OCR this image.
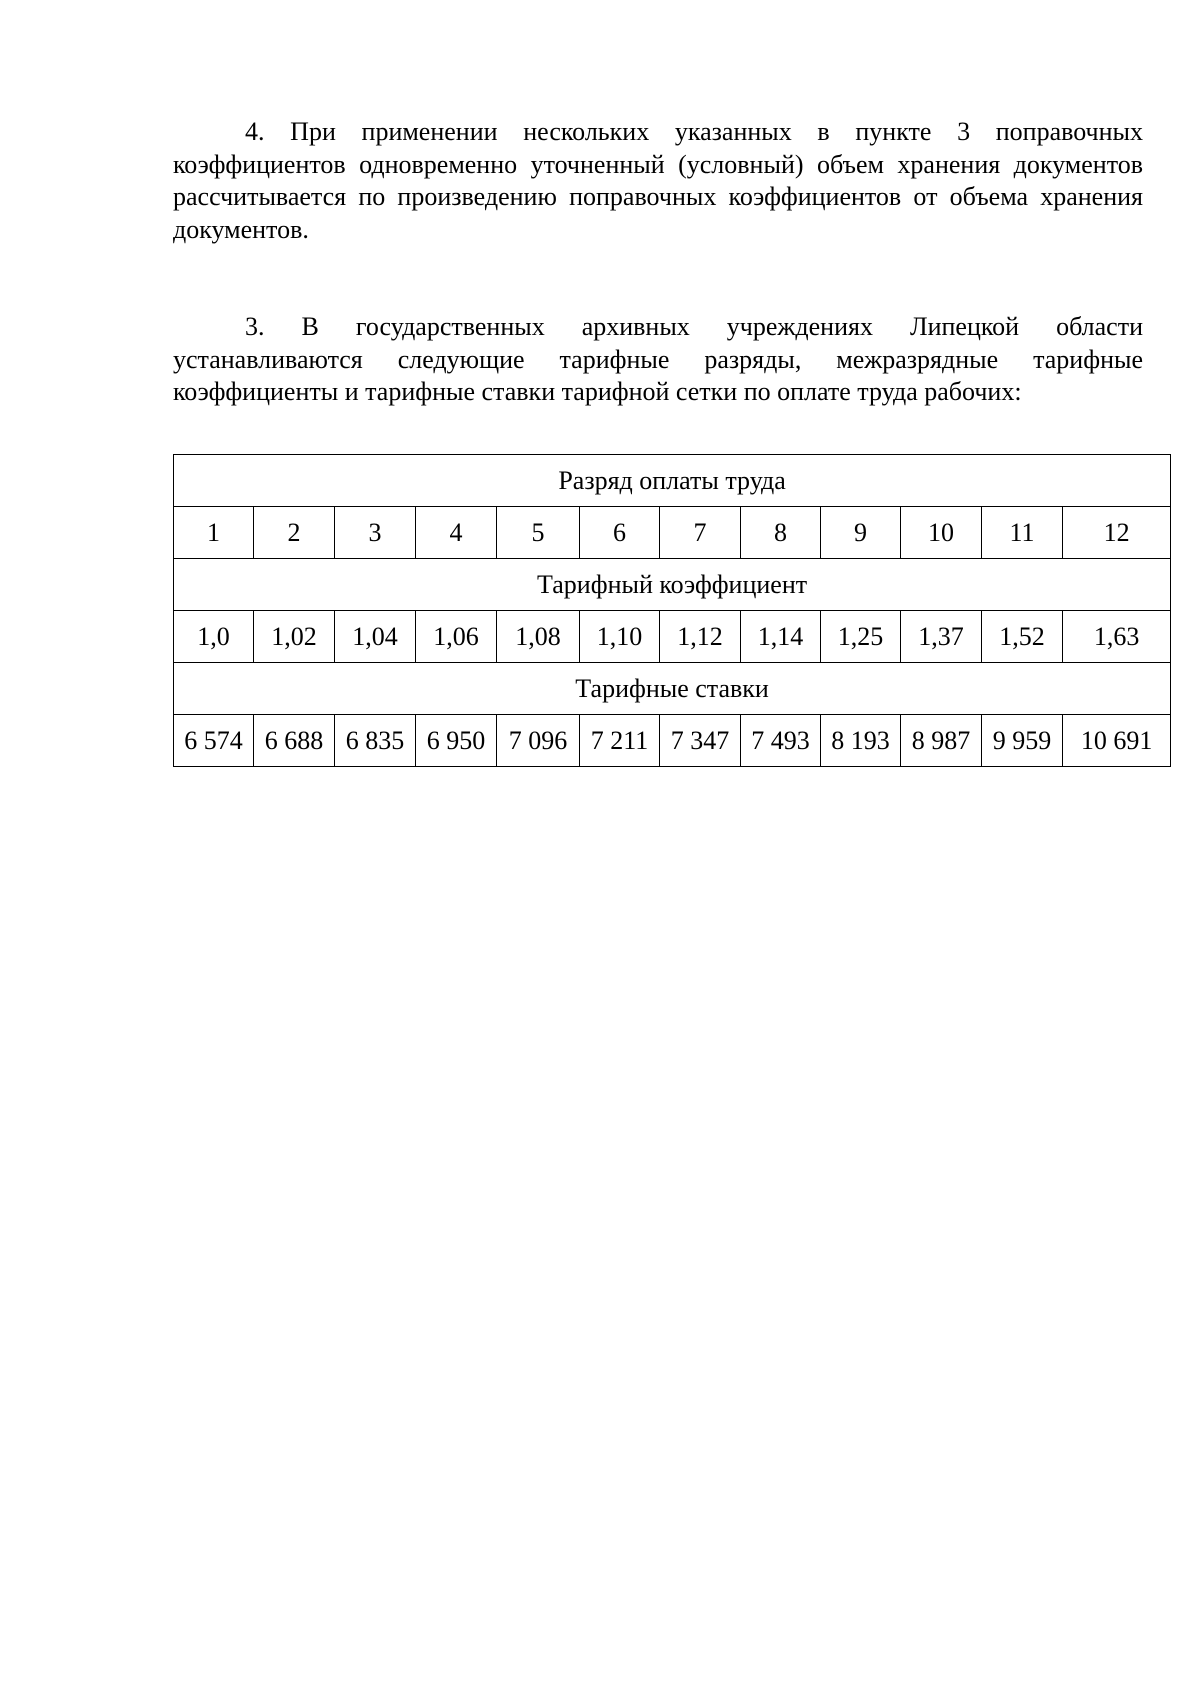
4. При применении нескольких указанных в пункте 3 поправочных коэффициентов одновременно уточненный (условный) объем хранения документов рассчитывается по произведению поправочных коэффициентов от объема хранения документов.

3. В государственных архивных учреждениях Липецкой области устанавливаются следующие тарифные разряды, межразрядные тарифные коэффициенты и тарифные ставки тарифной сетки по оплате труда рабочих:

Разряд оплаты труда											
1	2	3	4	5	6	7	8	9	10	11	12
Тарифный коэффициент											
1,0	1,02	1,04	1,06	1,08	1,10	1,12	1,14	1,25	1,37	1,52	1,63
Тарифные ставки											
6 574	6 688	6 835	6 950	7 096	7 211	7 347	7 493	8 193	8 987	9 959	10 691
